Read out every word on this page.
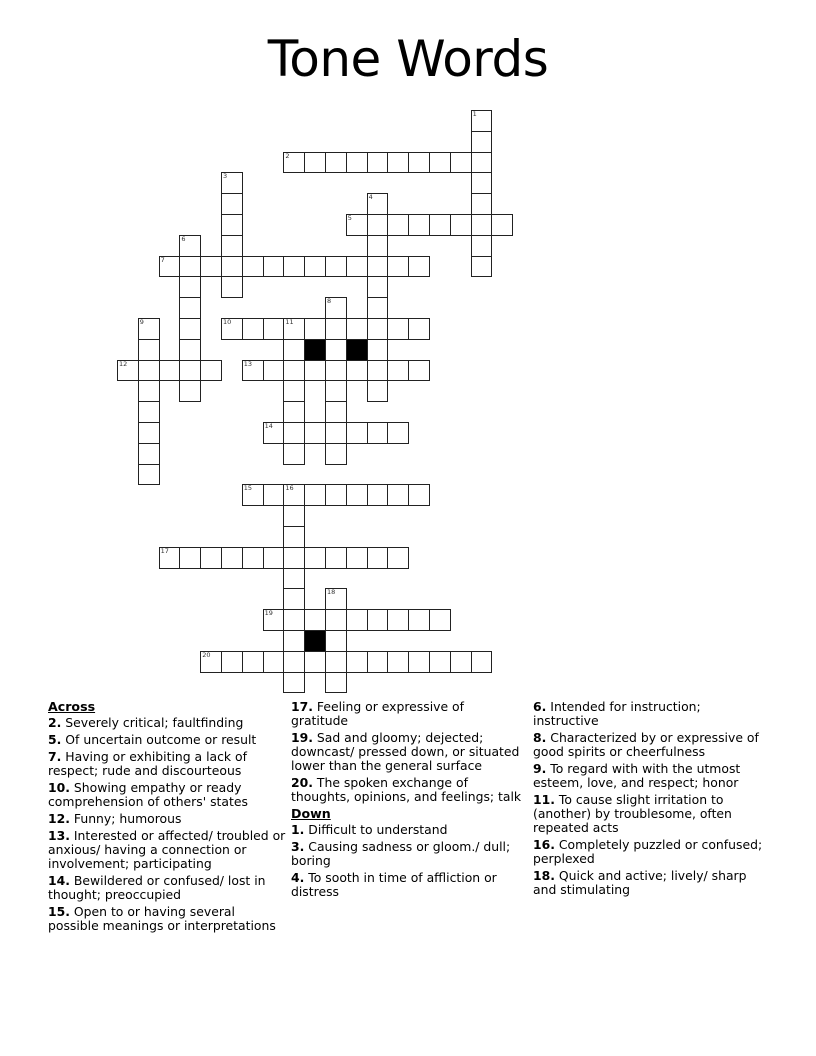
Tone Words
1
2
3
4
5
6
7
8
9	10	11
12	13
14
15	16
17
18
19
20
Across
2. Severely critical; faultfinding
5. Of uncertain outcome or result
7. Having or exhibiting a lack of respect; rude and discourteous
10. Showing empathy or ready comprehension of others' states
12. Funny; humorous
13. Interested or affected/ troubled or anxious/ having a connection or involvement; participating
14. Bewildered or confused/ lost in thought; preoccupied
15. Open to or having several possible meanings or interpretations
17. Feeling or expressive of gratitude
19. Sad and gloomy; dejected; downcast/ pressed down, or situated lower than the general surface
20. The spoken exchange of thoughts, opinions, and feelings; talk
Down
1. Difficult to understand
3. Causing sadness or gloom./ dull; boring
4. To sooth in time of affliction or distress
6. Intended for instruction; instructive
8. Characterized by or expressive of good spirits or cheerfulness
9. To regard with with the utmost esteem, love, and respect; honor
11. To cause slight irritation to (another) by troublesome, often repeated acts
16. Completely puzzled or confused; perplexed
18. Quick and active; lively/ sharp and stimulating
